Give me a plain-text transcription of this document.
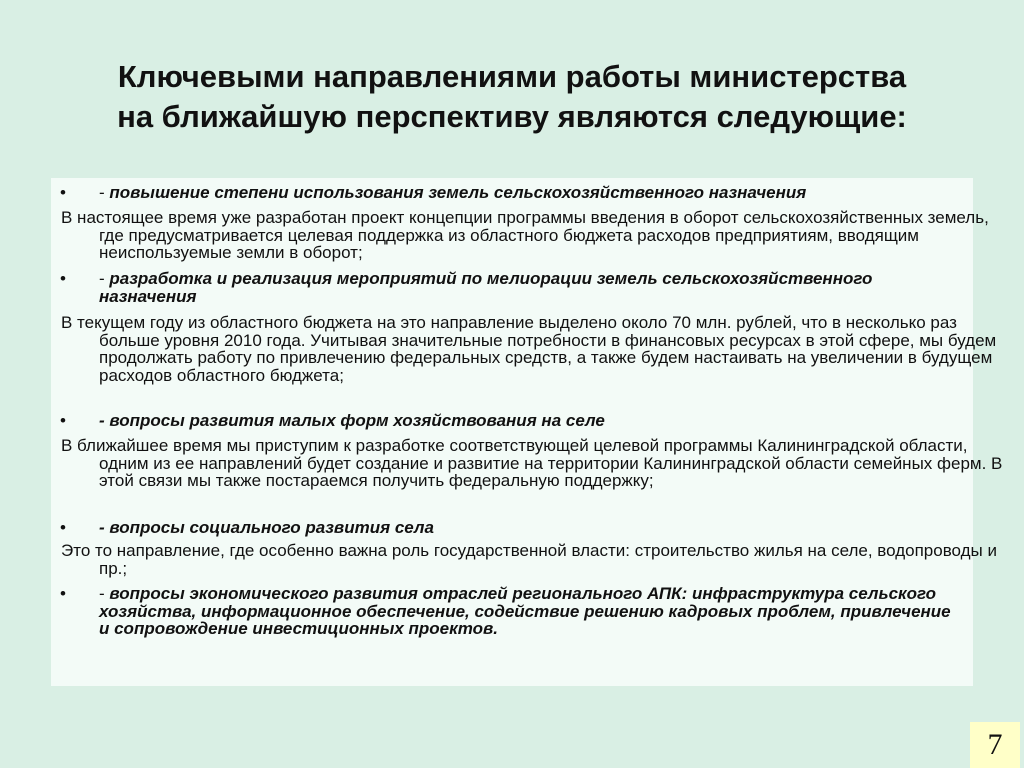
Ключевыми направлениями работы министерства
на ближайшую перспективу являются следующие:
• - повышение степени использования земель сельскохозяйственного назначения
В настоящее время уже разработан проект концепции программы введения в оборот сельскохозяйственных земель, где предусматривается целевая поддержка из областного бюджета расходов предприятиям, вводящим неиспользуемые земли в оборот;
• - разработка и реализация мероприятий по мелиорации земель сельскохозяйственного назначения
В текущем году из областного бюджета на это направление выделено около 70 млн. рублей, что в несколько раз больше уровня 2010 года. Учитывая значительные потребности в финансовых ресурсах в этой сфере, мы будем продолжать работу по привлечению федеральных средств, а также будем настаивать на увеличении в будущем расходов областного бюджета;
• - вопросы развития малых форм хозяйствования на селе
В ближайшее время мы приступим к разработке соответствующей целевой программы Калининградской области, одним из ее направлений будет создание и развитие на территории Калининградской области семейных ферм. В этой связи мы также постараемся получить федеральную поддержку;
• - вопросы социального развития села
Это то направление, где особенно важна роль государственной власти: строительство жилья на селе, водопроводы и пр.;
• - вопросы экономического развития отраслей регионального АПК: инфраструктура сельского хозяйства, информационное обеспечение, содействие решению кадровых проблем, привлечение и сопровождение инвестиционных проектов.
7
